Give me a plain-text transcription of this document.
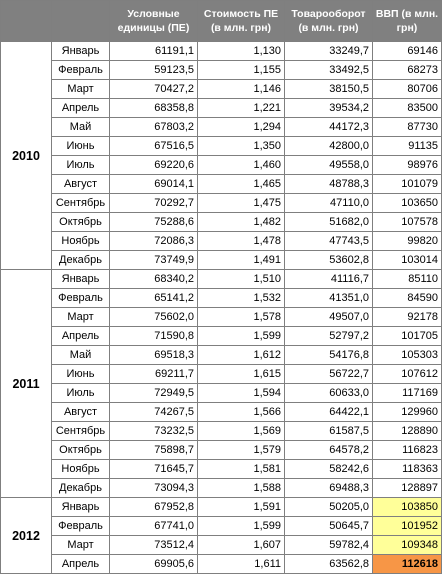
		Условные единицы (ПЕ)	Стоимость ПЕ (в млн. грн)	Товарооборот (в млн. грн)	ВВП (в млн. грн)
2010	Январь	61191,1	1,130	33249,7	69146
	Февраль	59123,5	1,155	33492,5	68273
	Март	70427,2	1,146	38150,5	80706
	Апрель	68358,8	1,221	39534,2	83500
	Май	67803,2	1,294	44172,3	87730
	Июнь	67516,5	1,350	42800,0	91135
	Июль	69220,6	1,460	49558,0	98976
	Август	69014,1	1,465	48788,3	101079
	Сентябрь	70292,7	1,475	47110,0	103650
	Октябрь	75288,6	1,482	51682,0	107578
	Ноябрь	72086,3	1,478	47743,5	99820
	Декабрь	73749,9	1,491	53602,8	103014
2011	Январь	68340,2	1,510	41116,7	85110
	Февраль	65141,2	1,532	41351,0	84590
	Март	75602,0	1,578	49507,0	92178
	Апрель	71590,8	1,599	52797,2	101705
	Май	69518,3	1,612	54176,8	105303
	Июнь	69211,7	1,615	56722,7	107612
	Июль	72949,5	1,594	60633,0	117169
	Август	74267,5	1,566	64422,1	129960
	Сентябрь	73232,5	1,569	61587,5	128890
	Октябрь	75898,7	1,579	64578,2	116823
	Ноябрь	71645,7	1,581	58242,6	118363
	Декабрь	73094,3	1,588	69488,3	128897
2012	Январь	67952,8	1,591	50205,0	103850
	Февраль	67741,0	1,599	50645,7	101952
	Март	73512,4	1,607	59782,4	109348
	Апрель	69905,6	1,611	63562,8	112618
